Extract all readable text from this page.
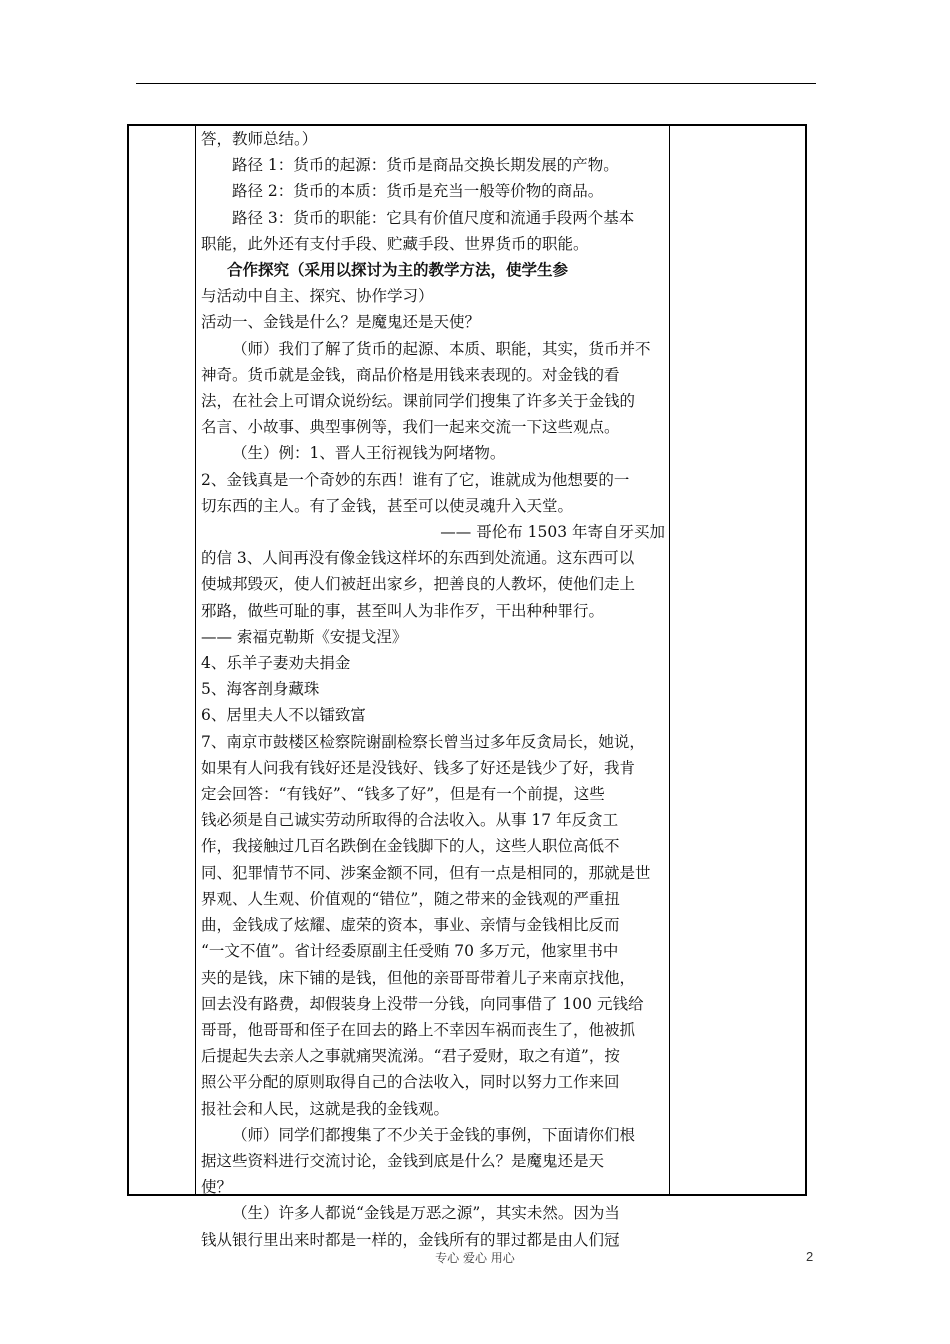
答，教师总结。）

路径 1：货币的起源：货币是商品交换长期发展的产物。

路径 2：货币的本质：货币是充当一般等价物的商品。

路径 3：货币的职能：它具有价值尺度和流通手段两个基本

职能，此外还有支付手段、贮藏手段、世界货币的职能。

合作探究（采用以探讨为主的教学方法，使学生参

与活动中自主、探究、协作学习）

活动一、金钱是什么？是魔鬼还是天使？

（师）我们了解了货币的起源、本质、职能，其实，货币并不

神奇。货币就是金钱，商品价格是用钱来表现的。对金钱的看

法，在社会上可谓众说纷纭。课前同学们搜集了许多关于金钱的

名言、小故事、典型事例等，我们一起来交流一下这些观点。

（生）例：1、晋人王衍视钱为阿堵物。

2、金钱真是一个奇妙的东西！谁有了它，谁就成为他想要的一

切东西的主人。有了金钱，甚至可以使灵魂升入天堂。

—— 哥伦布 1503 年寄自牙买加

的信 3、人间再没有像金钱这样坏的东西到处流通。这东西可以

使城邦毁灭，使人们被赶出家乡，把善良的人教坏，使他们走上

邪路，做些可耻的事，甚至叫人为非作歹，干出种种罪行。

—— 索福克勒斯《安提戈涅》

4、乐羊子妻劝夫捐金

5、海客剖身藏珠

6、居里夫人不以镭致富

7、南京市鼓楼区检察院谢副检察长曾当过多年反贪局长，她说，

如果有人问我有钱好还是没钱好、钱多了好还是钱少了好，我肯

定会回答：“有钱好”、“钱多了好”，但是有一个前提，这些

钱必须是自己诚实劳动所取得的合法收入。从事 17 年反贪工

作，我接触过几百名跌倒在金钱脚下的人，这些人职位高低不

同、犯罪情节不同、涉案金额不同，但有一点是相同的，那就是世

界观、人生观、价值观的“错位”，随之带来的金钱观的严重扭

曲，金钱成了炫耀、虚荣的资本，事业、亲情与金钱相比反而

“一文不值”。省计经委原副主任受贿 70 多万元，他家里书中

夹的是钱，床下铺的是钱，但他的亲哥哥带着儿子来南京找他，

回去没有路费，却假装身上没带一分钱，向同事借了 100 元钱给

哥哥，他哥哥和侄子在回去的路上不幸因车祸而丧生了，他被抓

后提起失去亲人之事就痛哭流涕。“君子爱财，取之有道”，按

照公平分配的原则取得自己的合法收入，同时以努力工作来回

报社会和人民，这就是我的金钱观。

（师）同学们都搜集了不少关于金钱的事例，下面请你们根

据这些资料进行交流讨论，金钱到底是什么？是魔鬼还是天

使？

（生）许多人都说“金钱是万恶之源”，其实未然。因为当

钱从银行里出来时都是一样的，金钱所有的罪过都是由人们冠

专心 爱心 用心	2
